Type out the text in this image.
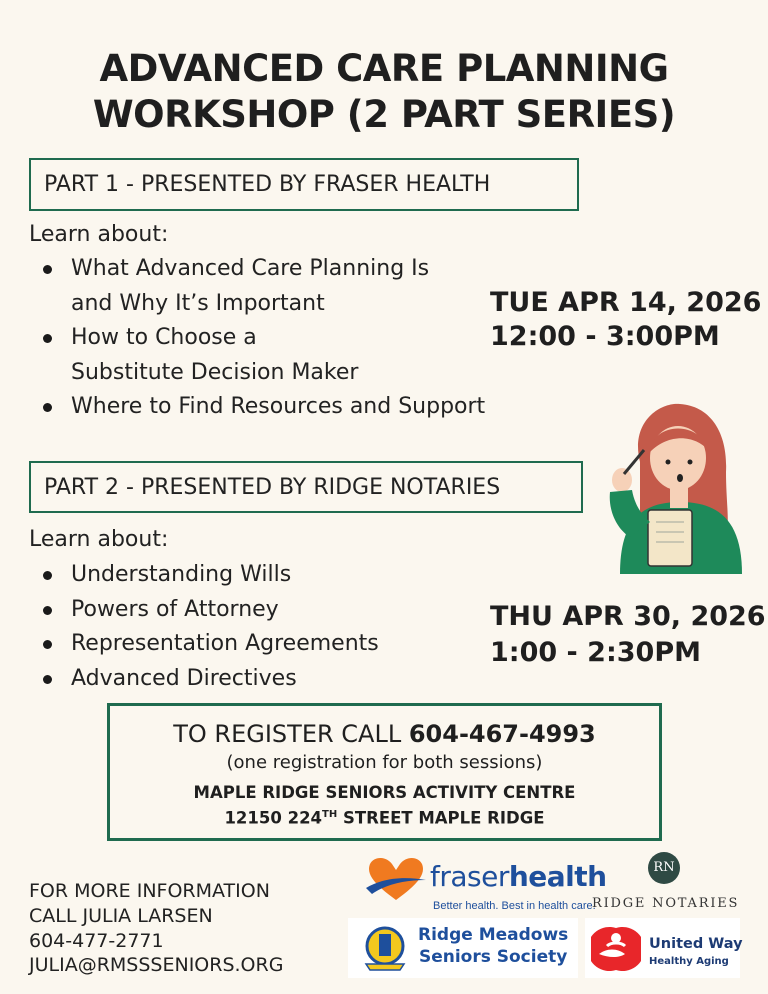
ADVANCED CARE PLANNING
WORKSHOP (2 PART SERIES)
PART 1 - PRESENTED BY FRASER HEALTH
Learn about:
What Advanced Care Planning Is
and Why It’s Important
How to Choose a
Substitute Decision Maker
Where to Find Resources and Support
TUE APR 14, 2026
12:00 - 3:00PM
PART 2 - PRESENTED BY RIDGE NOTARIES
Learn about:
Understanding Wills
Powers of Attorney
Representation Agreements
Advanced Directives
THU APR 30, 2026
1:00 - 2:30PM
TO REGISTER CALL 604-467-4993
(one registration for both sessions)
MAPLE RIDGE SENIORS ACTIVITY CENTRE
12150 224TH STREET MAPLE RIDGE
FOR MORE INFORMATION
CALL JULIA LARSEN
604-477-2771
JULIA@RMSSSENIORS.ORG
fraserhealth
Better health. Best in health care.
RN
RIDGE NOTARIES
Ridge Meadows
Seniors Society
United Way
Healthy Aging
